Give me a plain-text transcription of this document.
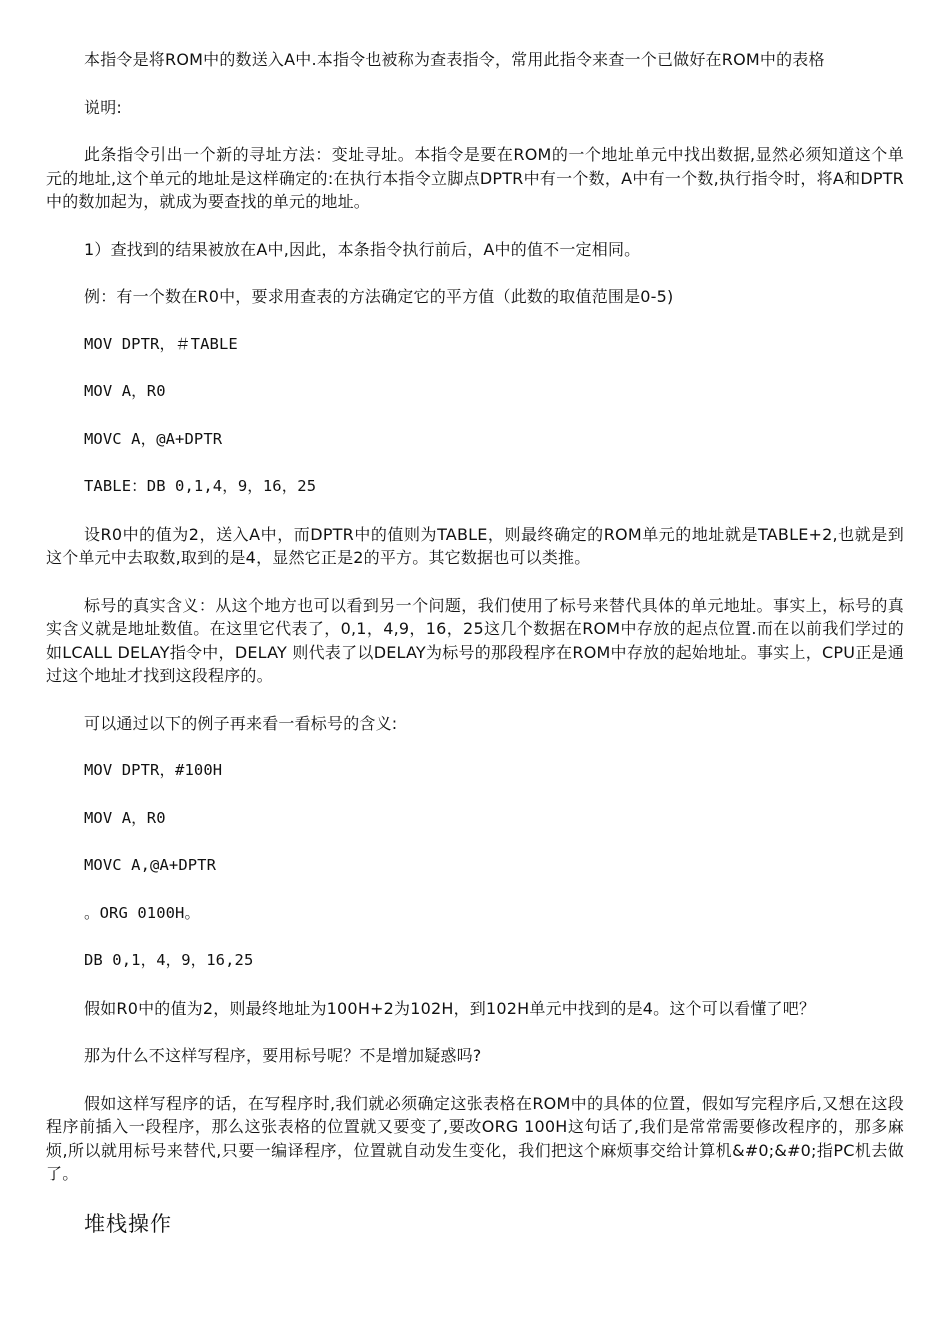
本指令是将ROM中的数送入A中.本指令也被称为查表指令，常用此指令来查一个已做好在ROM中的表格

说明:

此条指令引出一个新的寻址方法：变址寻址。本指令是要在ROM的一个地址单元中找出数据,显然必须知道这个单元的地址,这个单元的地址是这样确定的:在执行本指令立脚点DPTR中有一个数，A中有一个数,执行指令时，将A和DPTR中的数加起为，就成为要查找的单元的地址。

1）查找到的结果被放在A中,因此，本条指令执行前后，A中的值不一定相同。

例：有一个数在R0中，要求用查表的方法确定它的平方值（此数的取值范围是0-5)

MOV DPTR，＃TABLE
MOV A，R0
MOVC A，@A+DPTR
TABLE：DB 0,1,4，9，16，25

设R0中的值为2，送入A中，而DPTR中的值则为TABLE，则最终确定的ROM单元的地址就是TABLE+2,也就是到这个单元中去取数,取到的是4，显然它正是2的平方。其它数据也可以类推。

标号的真实含义：从这个地方也可以看到另一个问题，我们使用了标号来替代具体的单元地址。事实上，标号的真实含义就是地址数值。在这里它代表了，0,1，4,9，16，25这几个数据在ROM中存放的起点位置.而在以前我们学过的如LCALL DELAY指令中，DELAY 则代表了以DELAY为标号的那段程序在ROM中存放的起始地址。事实上，CPU正是通过这个地址才找到这段程序的。

可以通过以下的例子再来看一看标号的含义:

MOV DPTR，#100H
MOV A，R0
MOVC A,@A+DPTR
。ORG 0100H。
DB 0,1，4，9，16,25

假如R0中的值为2，则最终地址为100H+2为102H，到102H单元中找到的是4。这个可以看懂了吧？

那为什么不这样写程序，要用标号呢？不是增加疑惑吗?

假如这样写程序的话，在写程序时,我们就必须确定这张表格在ROM中的具体的位置，假如写完程序后,又想在这段程序前插入一段程序，那么这张表格的位置就又要变了,要改ORG 100H这句话了,我们是常常需要修改程序的，那多麻烦,所以就用标号来替代,只要一编译程序，位置就自动发生变化，我们把这个麻烦事交给计算机&#0;&#0;指PC机去做了。

堆栈操作
